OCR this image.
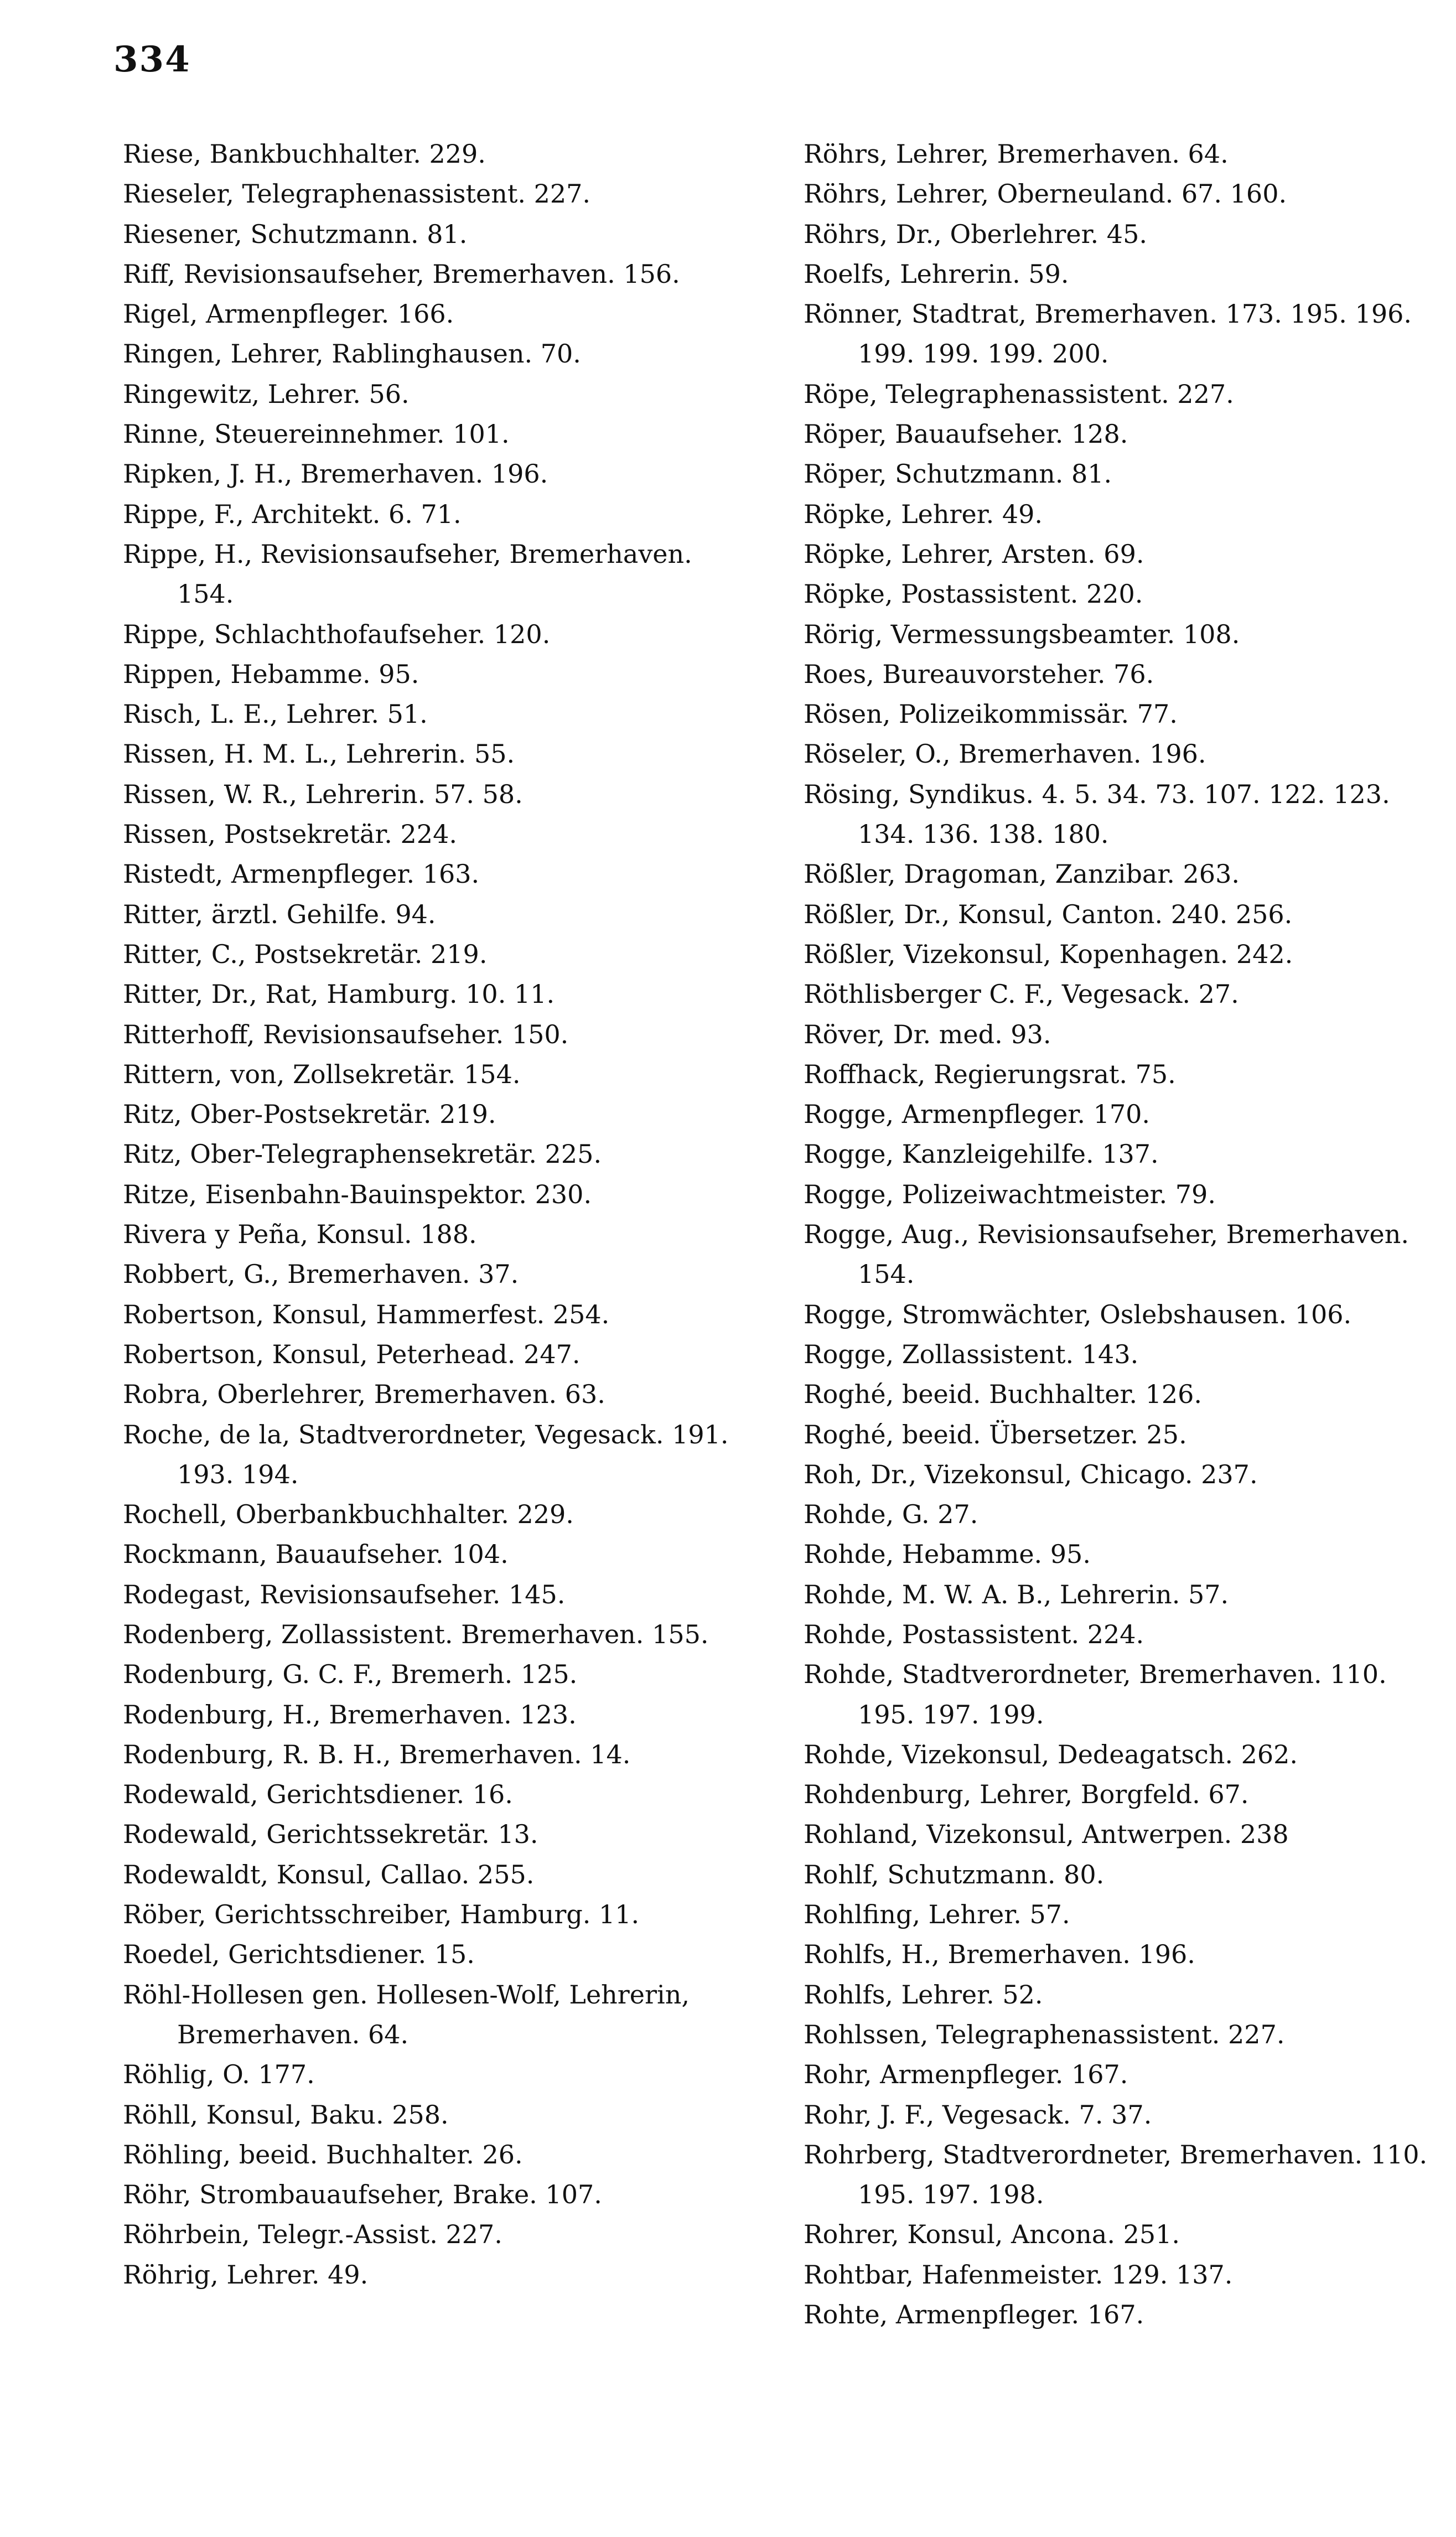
334
Riese, Bankbuchhalter. 229.
Rieseler, Telegraphenassistent. 227.
Riesener, Schutzmann. 81.
Riff, Revisionsaufseher, Bremerhaven. 156.
Rigel, Armenpfleger. 166.
Ringen, Lehrer, Rablinghausen. 70.
Ringewitz, Lehrer. 56.
Rinne, Steuereinnehmer. 101.
Ripken, J. H., Bremerhaven. 196.
Rippe, F., Architekt. 6. 71.
Rippe, H., Revisionsaufseher, Bremerhaven. 154.
Rippe, Schlachthofaufseher. 120.
Rippen, Hebamme. 95.
Risch, L. E., Lehrer. 51.
Rissen, H. M. L., Lehrerin. 55.
Rissen, W. R., Lehrerin. 57. 58.
Rissen, Postsekretär. 224.
Ristedt, Armenpfleger. 163.
Ritter, ärztl. Gehilfe. 94.
Ritter, C., Postsekretär. 219.
Ritter, Dr., Rat, Hamburg. 10. 11.
Ritterhoff, Revisionsaufseher. 150.
Rittern, von, Zollsekretär. 154.
Ritz, Ober-Postsekretär. 219.
Ritz, Ober-Telegraphensekretär. 225.
Ritze, Eisenbahn-Bauinspektor. 230.
Rivera y Peña, Konsul. 188.
Robbert, G., Bremerhaven. 37.
Robertson, Konsul, Hammerfest. 254.
Robertson, Konsul, Peterhead. 247.
Robra, Oberlehrer, Bremerhaven. 63.
Roche, de la, Stadtverordneter, Vegesack. 191. 193. 194.
Rochell, Oberbankbuchhalter. 229.
Rockmann, Bauaufseher. 104.
Rodegast, Revisionsaufseher. 145.
Rodenberg, Zollassistent. Bremerhaven. 155.
Rodenburg, G. C. F., Bremerh. 125.
Rodenburg, H., Bremerhaven. 123.
Rodenburg, R. B. H., Bremerhaven. 14.
Rodewald, Gerichtsdiener. 16.
Rodewald, Gerichtssekretär. 13.
Rodewaldt, Konsul, Callao. 255.
Röber, Gerichtsschreiber, Hamburg. 11.
Roedel, Gerichtsdiener. 15.
Röhl-Hollesen gen. Hollesen-Wolf, Lehrerin, Bremerhaven. 64.
Röhlig, O. 177.
Röhll, Konsul, Baku. 258.
Röhling, beeid. Buchhalter. 26.
Röhr, Strombauaufseher, Brake. 107.
Röhrbein, Telegr.-Assist. 227.
Röhrig, Lehrer. 49.
Röhrs, Lehrer, Bremerhaven. 64.
Röhrs, Lehrer, Oberneuland. 67. 160.
Röhrs, Dr., Oberlehrer. 45.
Roelfs, Lehrerin. 59.
Rönner, Stadtrat, Bremerhaven. 173. 195. 196. 199. 199. 199. 200.
Röpe, Telegraphenassistent. 227.
Röper, Bauaufseher. 128.
Röper, Schutzmann. 81.
Röpke, Lehrer. 49.
Röpke, Lehrer, Arsten. 69.
Röpke, Postassistent. 220.
Rörig, Vermessungsbeamter. 108.
Roes, Bureauvorsteher. 76.
Rösen, Polizeikommissär. 77.
Röseler, O., Bremerhaven. 196.
Rösing, Syndikus. 4. 5. 34. 73. 107. 122. 123. 134. 136. 138. 180.
Rößler, Dragoman, Zanzibar. 263.
Rößler, Dr., Konsul, Canton. 240. 256.
Rößler, Vizekonsul, Kopenhagen. 242.
Röthlisberger C. F., Vegesack. 27.
Röver, Dr. med. 93.
Roffhack, Regierungsrat. 75.
Rogge, Armenpfleger. 170.
Rogge, Kanzleigehilfe. 137.
Rogge, Polizeiwachtmeister. 79.
Rogge, Aug., Revisionsaufseher, Bremerhaven. 154.
Rogge, Stromwächter, Oslebshausen. 106.
Rogge, Zollassistent. 143.
Roghé, beeid. Buchhalter. 126.
Roghé, beeid. Übersetzer. 25.
Roh, Dr., Vizekonsul, Chicago. 237.
Rohde, G. 27.
Rohde, Hebamme. 95.
Rohde, M. W. A. B., Lehrerin. 57.
Rohde, Postassistent. 224.
Rohde, Stadtverordneter, Bremerhaven. 110. 195. 197. 199.
Rohde, Vizekonsul, Dedeagatsch. 262.
Rohdenburg, Lehrer, Borgfeld. 67.
Rohland, Vizekonsul, Antwerpen. 238
Rohlf, Schutzmann. 80.
Rohlfing, Lehrer. 57.
Rohlfs, H., Bremerhaven. 196.
Rohlfs, Lehrer. 52.
Rohlssen, Telegraphenassistent. 227.
Rohr, Armenpfleger. 167.
Rohr, J. F., Vegesack. 7. 37.
Rohrberg, Stadtverordneter, Bremerhaven. 110. 195. 197. 198.
Rohrer, Konsul, Ancona. 251.
Rohtbar, Hafenmeister. 129. 137.
Rohte, Armenpfleger. 167.
